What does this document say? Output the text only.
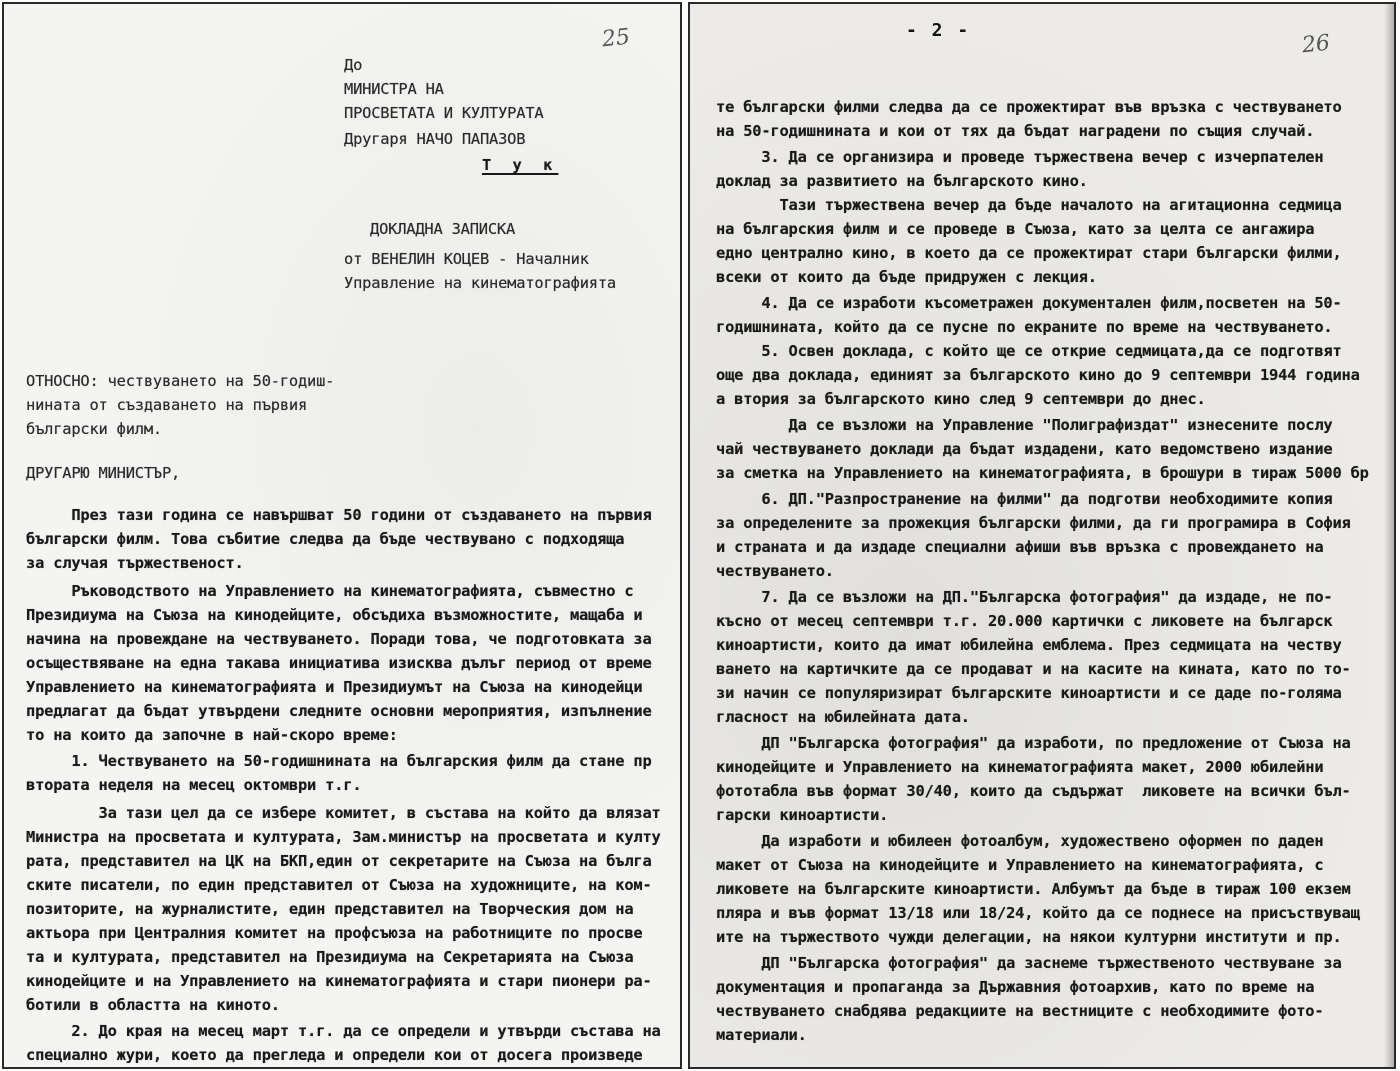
25
До
МИНИСТРА НА
ПРОСВЕТАТА И КУЛТУРАТА
Другаря НАЧО ПАПАЗОВ
Т у к
ДОКЛАДНА ЗАПИСКА
от ВЕНЕЛИН КОЦЕВ - Началник
Управление на кинематографията
ОТНОСНО: чествуването на 50-годиш-
нината от създаването на първия
български филм.
ДРУГАРЮ МИНИСТЪР,
През тази година се навършват 50 години от създаването на първия
български филм. Това събитие следва да бъде чествувано с подходяща
за случая тържественост.
Ръководството на Управлението на кинематографията, съвместно с
Президиума на Съюза на кинодейците, обсъдиха възможностите, мащаба и
начина на провеждане на чествуването. Поради това, че подготовката за
осъществяване на една такава инициатива изисква дълъг период от време
Управлението на кинематографията и Президиумът на Съюза на кинодейци
предлагат да бъдат утвърдени следните основни мероприятия, изпълнение
то на които да започне в най-скоро време:
1. Чествуването на 50-годишнината на българския филм да стане пр
втората неделя на месец октомври т.г.
За тази цел да се избере комитет, в състава на който да влязат
Министра на просветата и културата, Зам.министър на просветата и култу
рата, представител на ЦК на БКП,един от секретарите на Съюза на бълга
ските писатели, по един представител от Съюза на художниците, на ком-
позиторите, на журналистите, един представител на Творческия дом на
актьора при Централния комитет на профсъюза на работниците по просве
та и културата, представител на Президиума на Секретарията на Съюза
кинодейците и на Управлението на кинематографията и стари пионери ра-
ботили в областта на киното.
2. До края на месец март т.г. да се определи и утвърди състава на
специално жури, което да прегледа и определи кои от досега произведе
- 2 -
26
те български филми следва да се прожектират във връзка с чествуването
на 50-годишнината и кои от тях да бъдат наградени по същия случай.
3. Да се организира и проведе тържествена вечер с изчерпателен
доклад за развитието на българското кино.
Тази тържествена вечер да бъде началото на агитационна седмица
на българския филм и се проведе в Съюза, като за целта се ангажира
едно централно кино, в което да се прожектират стари български филми,
всеки от които да бъде придружен с лекция.
4. Да се изработи късометражен документален филм,посветен на 50-
годишнината, който да се пусне по екраните по време на чествуването.
5. Освен доклада, с който ще се открие седмицата,да се подготвят
още два доклада, единият за българското кино до 9 септември 1944 година
а втория за българското кино след 9 септември до днес.
Да се възложи на Управление "Полиграфиздат" изнесените послу
чай чествуването доклади да бъдат издадени, като ведомствено издание
за сметка на Управлението на кинематографията, в брошури в тираж 5000 бр
6. ДП."Разпространение на филми" да подготви необходимите копия
за определените за прожекция български филми, да ги програмира в София
и страната и да издаде специални афиши във връзка с провеждането на
чествуването.
7. Да се възложи на ДП."Българска фотография" да издаде, не по-
късно от месец септември т.г. 20.000 картички с ликовете на българск
киноартисти, които да имат юбилейна емблема. През седмицата на честву
ването на картичките да се продават и на касите на кината, като по то-
зи начин се популяризират българските киноартисти и се даде по-голяма
гласност на юбилейната дата.
ДП "Българска фотография" да изработи, по предложение от Съюза на
кинодейците и Управлението на кинематографията макет, 2000 юбилейни
фототабла във формат 30/40, които да съдържат  ликовете на всички бъл-
гарски киноартисти.
Да изработи и юбилеен фотоалбум, художествено оформен по даден
макет от Съюза на кинодейците и Управлението на кинематографията, с
ликовете на българските киноартисти. Албумът да бъде в тираж 100 екзем
пляра и във формат 13/18 или 18/24, който да се поднесе на присъствуващ
ите на тържеството чужди делегации, на някои културни институти и пр.
ДП "Българска фотография" да заснеме тържественото чествуване за
документация и пропаганда за Държавния фотоархив, като по време на
чествуването снабдява редакциите на вестниците с необходимите фото-
материали.
